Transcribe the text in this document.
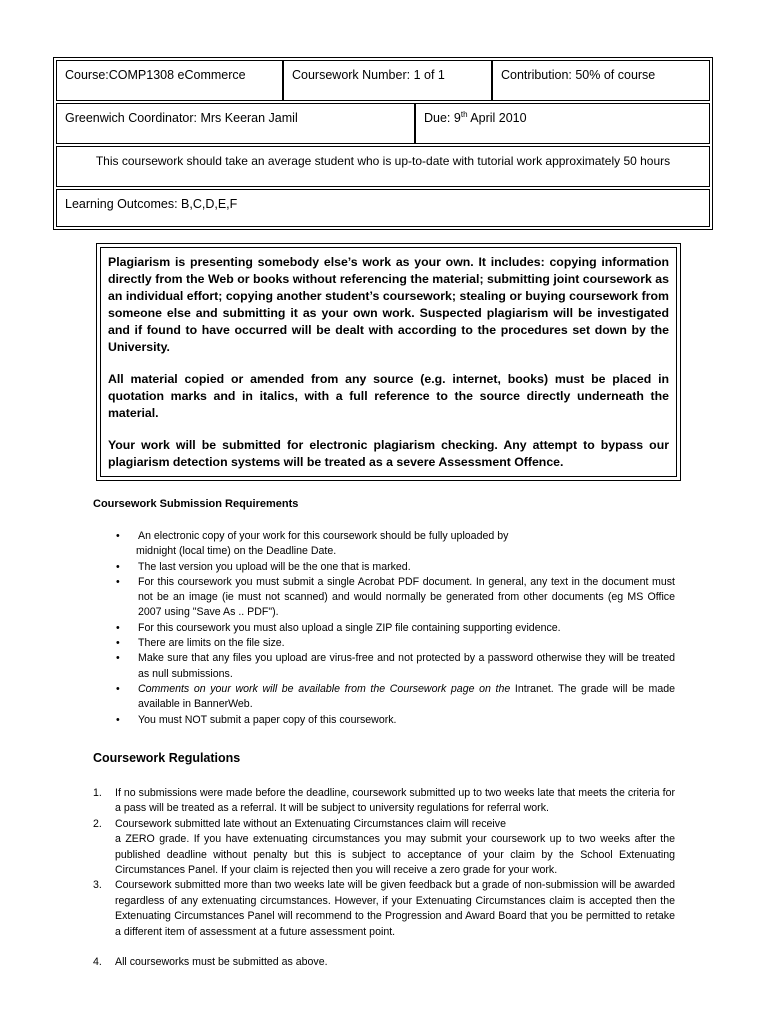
Course:COMP1308 eCommerce	Coursework Number: 1 of 1	Contribution: 50% of course
Greenwich Coordinator: Mrs Keeran Jamil	Due: 9th April 2010
This coursework should take an average student who is up-to-date with tutorial work approximately 50 hours
Learning Outcomes: B,C,D,E,F

Plagiarism is presenting somebody else’s work as your own. It includes: copying information directly from the Web or books without referencing the material; submitting joint coursework as an individual effort; copying another student’s coursework; stealing or buying coursework from someone else and submitting it as your own work. Suspected plagiarism will be investigated and if found to have occurred will be dealt with according to the procedures set down by the University.

All material copied or amended from any source (e.g. internet, books) must be placed in quotation marks and in italics, with a full reference to the source directly underneath the material.

Your work will be submitted for electronic plagiarism checking. Any attempt to bypass our plagiarism detection systems will be treated as a severe Assessment Offence.

Coursework Submission Requirements
• An electronic copy of your work for this coursework should be fully uploaded by
midnight (local time) on the Deadline Date.
• The last version you upload will be the one that is marked.
• For this coursework you must submit a single Acrobat PDF document. In general, any text in the document must not be an image (ie must not scanned) and would normally be generated from other documents (eg MS Office 2007 using "Save As .. PDF").
• For this coursework you must also upload a single ZIP file containing supporting evidence.
• There are limits on the file size.
• Make sure that any files you upload are virus-free and not protected by a password otherwise they will be treated as null submissions.
• Comments on your work will be available from the Coursework page on the Intranet. The grade will be made available in BannerWeb.
• You must NOT submit a paper copy of this coursework.
Coursework Regulations
1. If no submissions were made before the deadline, coursework submitted up to two weeks late that meets the criteria for a pass will be treated as a referral. It will be subject to university regulations for referral work.
2. Coursework submitted late without an Extenuating Circumstances claim will receive
a ZERO grade. If you have extenuating circumstances you may submit your coursework up to two weeks after the published deadline without penalty but this is subject to acceptance of your claim by the School Extenuating Circumstances Panel. If your claim is rejected then you will receive a zero grade for your work.
3. Coursework submitted more than two weeks late will be given feedback but a grade of non-submission will be awarded regardless of any extenuating circumstances. However, if your Extenuating Circumstances claim is accepted then the Extenuating Circumstances Panel will recommend to the Progression and Award Board that you be permitted to retake a different item of assessment at a future assessment point.
4. All courseworks must be submitted as above.
